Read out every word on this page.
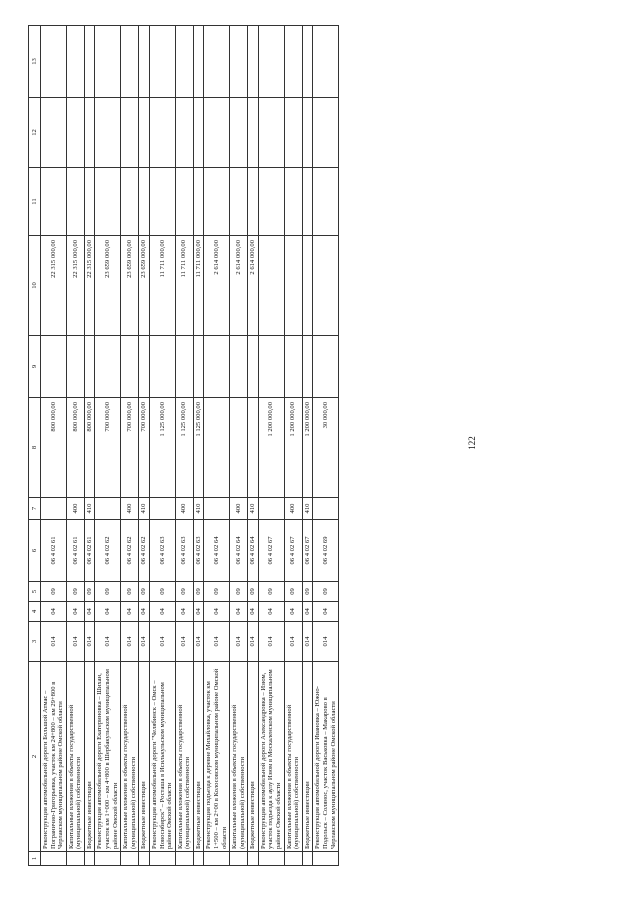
122
1	2	3	4	5	6	7	8	9	10	11	12	13
	Реконструкция автомобильной дороги Большой Атмас – Пограничио-Григорьевка, участок км 24+800 – км 29+800 в Черлакском муниципальном районе Омской области	014	04	09	06 4 02 61		800 000,00		22 315 000,00			
	Капитальные вложения в объекты государственной (муниципальной) собственности	014	04	09	06 4 02 61	400	800 000,00		22 315 000,00			
	Бюджетные инвестиции	014	04	09	06 4 02 61	410	800 000,00		22 315 000,00			
	Реконструкция автомобильной дороги Екатериновка – Шихан, участок км 1+000 – км 4+800 в Шербакульском муниципальном районе Омской области	014	04	09	06 4 02 62		700 000,00		23 659 000,00			
	Капитальные вложения в объекты государственной (муниципальной) собственности	014	04	09	06 4 02 62	400	700 000,00		23 659 000,00			
	Бюджетные инвестиции	014	04	09	06 4 02 62	410	700 000,00		23 659 000,00			
	Реконструкция автомобильной дороги "Челябинск – Омск – Новосибирск" – Росташа в Исилькульском муниципальном районе Омской области	014	04	09	06 4 02 63		1 125 000,00		11 711 000,00			
	Капитальные вложения в объекты государственной (муниципальной) собственности	014	04	09	06 4 02 63	400	1 125 000,00		11 711 000,00			
	Бюджетные инвестиции	014	04	09	06 4 02 63	410	1 125 000,00		11 711 000,00			
	Реконструкция подъезда к деревне Михайловка, участок км 1+500 – км 2+00 в Колосовском муниципальном районе Омской области	014	04	09	06 4 02 64				2 614 000,00			
	Капитальные вложения в объекты государственной (муниципальной) собственности	014	04	09	06 4 02 64	400			2 614 000,00			
	Бюджетные инвестиции	014	04	09	06 4 02 64	410			2 614 000,00			
	Реконструкция автомобильной дороги Александровка – Изюм, участок подъезда к аулу Изюм в Москаленском муниципальном районе Омской области	014	04	09	06 4 02 67		1 200 000,00					
	Капитальные вложения в объекты государственной (муниципальной) собственности	014	04	09	06 4 02 67	400	1 200 000,00					
	Бюджетные инвестиции	014	04	09	06 4 02 67	410	1 200 000,00					
	Реконструкция автомобильной дороги Ивановка – Южно-Подольск – Солянос, участок Васьковка – Макарово в Черлакском муниципальном районе Омской области	014	04	09	06 4 02 69		30 000,00					
